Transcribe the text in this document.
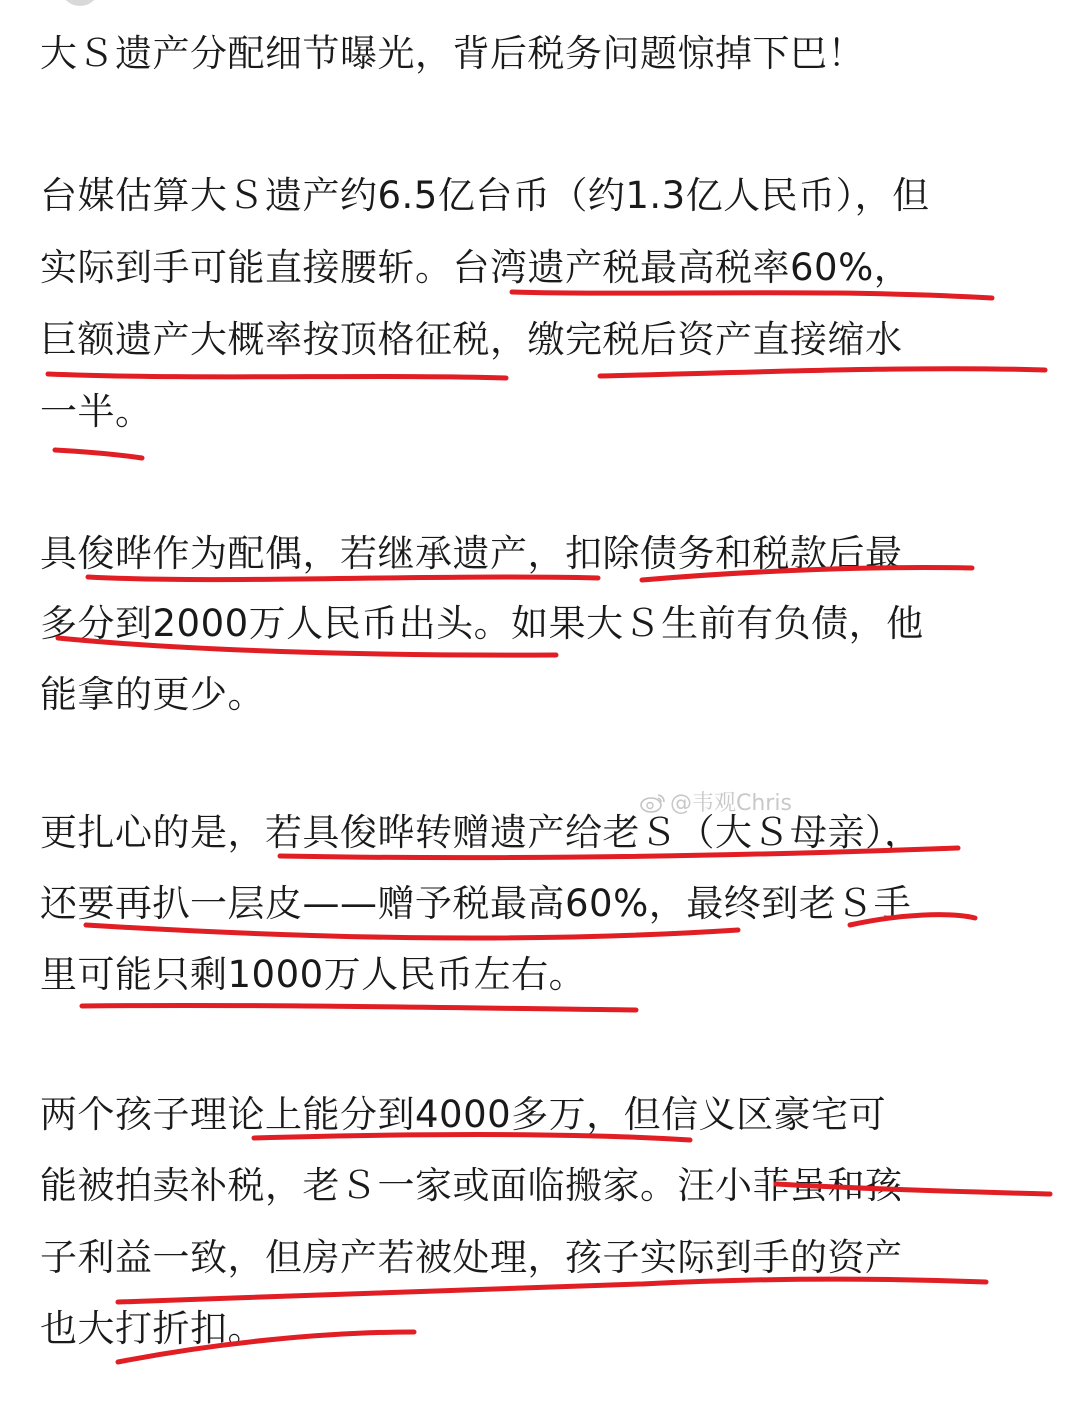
大Ｓ遗产分配细节曝光，背后税务问题惊掉下巴！
台媒估算大Ｓ遗产约6.5亿台币（约1.3亿人民币），但
实际到手可能直接腰斩。台湾遗产税最高税率60%，
巨额遗产大概率按顶格征税，缴完税后资产直接缩水
一半。
具俊晔作为配偶，若继承遗产，扣除债务和税款后最
多分到2000万人民币出头。如果大Ｓ生前有负债，他
能拿的更少。
更扎心的是，若具俊晔转赠遗产给老Ｓ（大Ｓ母亲），
还要再扒一层皮——赠予税最高60%，最终到老Ｓ手
里可能只剩1000万人民币左右。
两个孩子理论上能分到4000多万，但信义区豪宅可
能被拍卖补税，老Ｓ一家或面临搬家。汪小菲虽和孩
子利益一致，但房产若被处理，孩子实际到手的资产
也大打折扣。
@韦观Chris
